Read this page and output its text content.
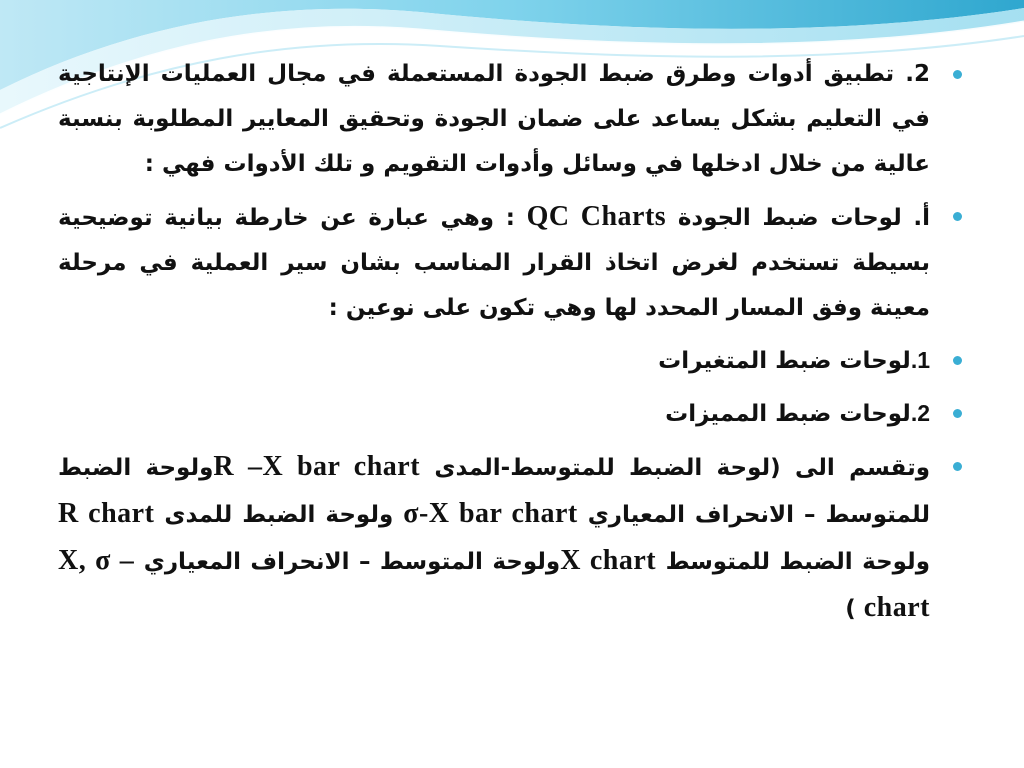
2. تطبيق أدوات وطرق ضبط الجودة المستعملة في مجال العمليات الإنتاجية في التعليم بشكل يساعد على ضمان الجودة وتحقيق المعايير المطلوبة بنسبة عالية من خلال ادخلها في وسائل وأدوات التقويم و تلك الأدوات فهي :
أ. لوحات ضبط الجودة QC Charts : وهي عبارة عن خارطة بيانية توضيحية بسيطة تستخدم لغرض اتخاذ القرار المناسب بشان سير العملية في مرحلة معينة وفق المسار المحدد لها وهي تكون على نوعين :
1.لوحات ضبط المتغيرات
2.لوحات ضبط المميزات
وتقسم الى (لوحة الضبط للمتوسط-المدى R –X bar chartولوحة الضبط للمتوسط – الانحراف المعياري σ-X bar chart ولوحة الضبط للمدى R chart ولوحة الضبط للمتوسط X chartولوحة المتوسط – الانحراف المعياري X, σ – chart )
